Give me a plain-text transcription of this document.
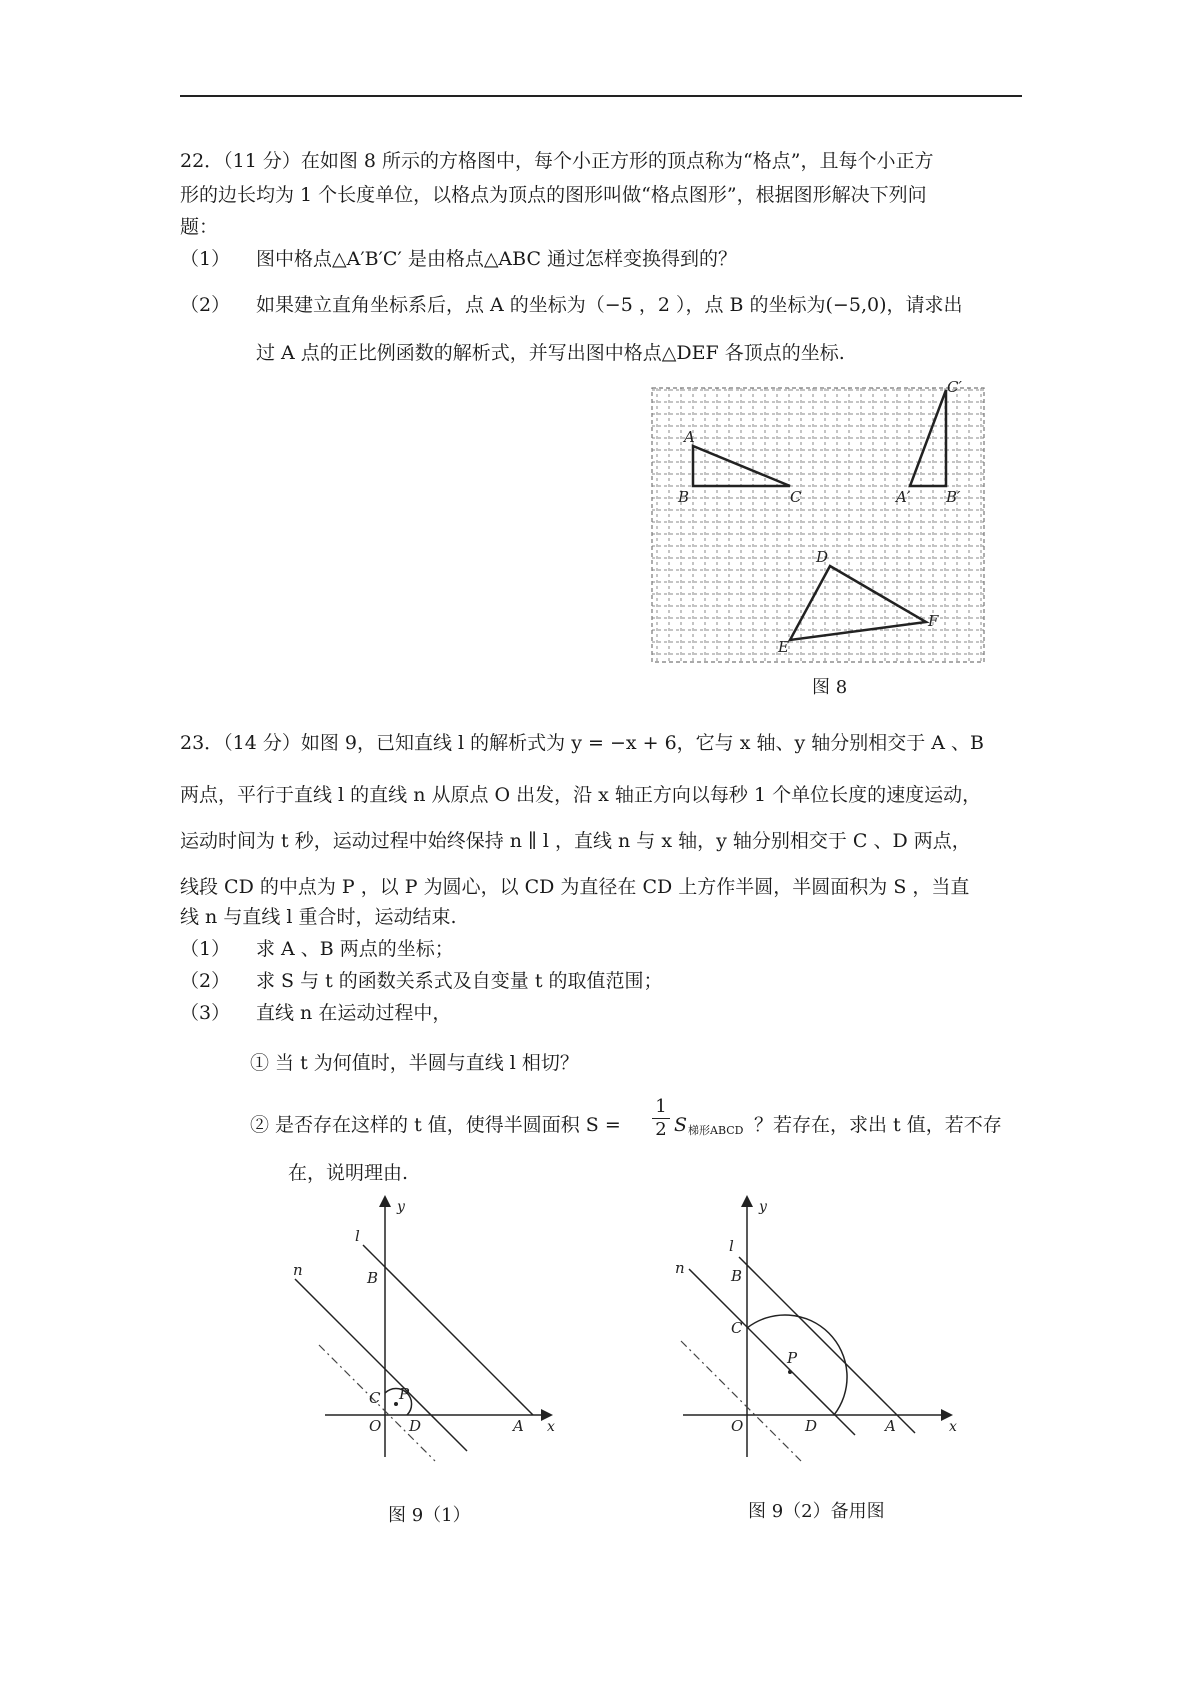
22．（11 分）在如图 8 所示的方格图中，每个小正方形的顶点称为“格点”，且每个小正方
形的边长均为 1 个长度单位，以格点为顶点的图形叫做“格点图形”，根据图形解决下列问
题：
（1） 图中格点△A′B′C′ 是由格点△ABC 通过怎样变换得到的？
（2） 如果建立直角坐标系后，点 A 的坐标为（−5 ，2 ），点 B 的坐标为(−5,0)，请求出
过 A 点的正比例函数的解析式，并写出图中格点△DEF 各顶点的坐标.
A
B	C	A′ B′
C′
D
E
F
图 8
23．（14 分）如图 9，已知直线 l 的解析式为 y = −x + 6，它与 x 轴、y 轴分别相交于 A 、B
两点，平行于直线 l 的直线 n 从原点 O 出发，沿 x 轴正方向以每秒 1 个单位长度的速度运动，
运动时间为 t 秒，运动过程中始终保持 n ∥ l ，直线 n 与 x 轴，y 轴分别相交于 C 、D 两点，
线段 CD 的中点为 P ，以 P 为圆心，以 CD 为直径在 CD 上方作半圆，半圆面积为 S ，当直
线 n 与直线 l 重合时，运动结束.
（1） 求 A 、B 两点的坐标；
（2） 求 S 与 t 的函数关系式及自变量 t 的取值范围；
（3） 直线 n 在运动过程中，
① 当 t 为何值时，半圆与直线 l 相切？
② 是否存在这样的 t 值，使得半圆面积 $S = \frac{1}{2}$ S 梯形ABCD ？若存在，求出 t 值，若不存
在，说明理由.
y
x
l
n	B
C P
O D	A
图 9（1）
y
x
l
n	B
C
P
O	D	A
图 9（2）备用图
